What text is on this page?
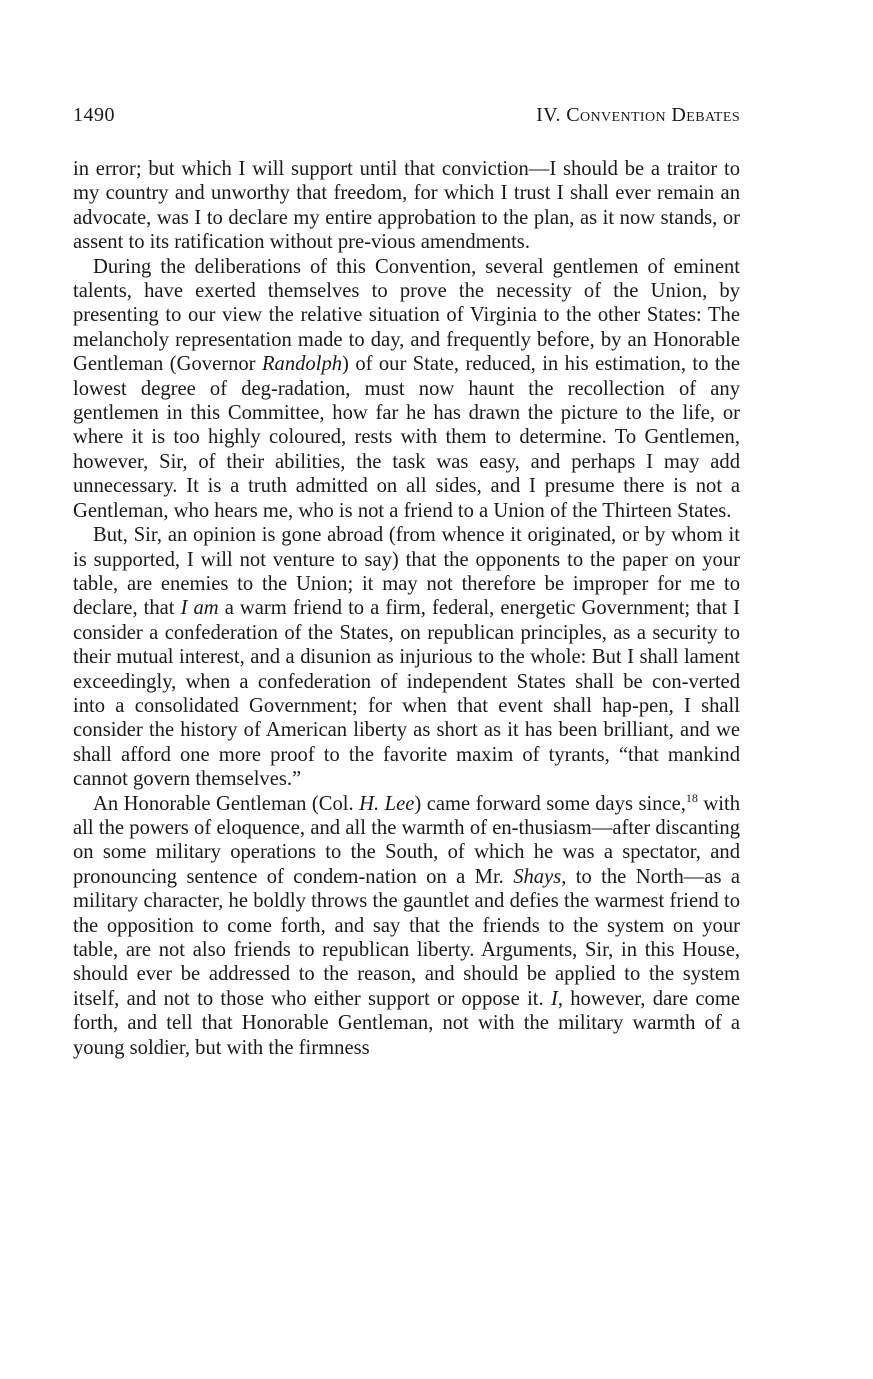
1490	IV. Convention Debates

in error; but which I will support until that conviction—I should be a traitor to my country and unworthy that freedom, for which I trust I shall ever remain an advocate, was I to declare my entire approbation to the plan, as it now stands, or assent to its ratification without pre-vious amendments.

During the deliberations of this Convention, several gentlemen of eminent talents, have exerted themselves to prove the necessity of the Union, by presenting to our view the relative situation of Virginia to the other States: The melancholy representation made to day, and frequently before, by an Honorable Gentleman (Governor Randolph) of our State, reduced, in his estimation, to the lowest degree of deg-radation, must now haunt the recollection of any gentlemen in this Committee, how far he has drawn the picture to the life, or where it is too highly coloured, rests with them to determine. To Gentlemen, however, Sir, of their abilities, the task was easy, and perhaps I may add unnecessary. It is a truth admitted on all sides, and I presume there is not a Gentleman, who hears me, who is not a friend to a Union of the Thirteen States.

But, Sir, an opinion is gone abroad (from whence it originated, or by whom it is supported, I will not venture to say) that the opponents to the paper on your table, are enemies to the Union; it may not therefore be improper for me to declare, that I am a warm friend to a firm, federal, energetic Government; that I consider a confederation of the States, on republican principles, as a security to their mutual interest, and a disunion as injurious to the whole: But I shall lament exceedingly, when a confederation of independent States shall be con-verted into a consolidated Government; for when that event shall hap-pen, I shall consider the history of American liberty as short as it has been brilliant, and we shall afford one more proof to the favorite maxim of tyrants, “that mankind cannot govern themselves.”

An Honorable Gentleman (Col. H. Lee) came forward some days since,$^{18}$ with all the powers of eloquence, and all the warmth of en-thusiasm—after discanting on some military operations to the South, of which he was a spectator, and pronouncing sentence of condem-nation on a Mr. Shays, to the North—as a military character, he boldly throws the gauntlet and defies the warmest friend to the opposition to come forth, and say that the friends to the system on your table, are not also friends to republican liberty. Arguments, Sir, in this House, should ever be addressed to the reason, and should be applied to the system itself, and not to those who either support or oppose it. I, however, dare come forth, and tell that Honorable Gentleman, not with the military warmth of a young soldier, but with the firmness
